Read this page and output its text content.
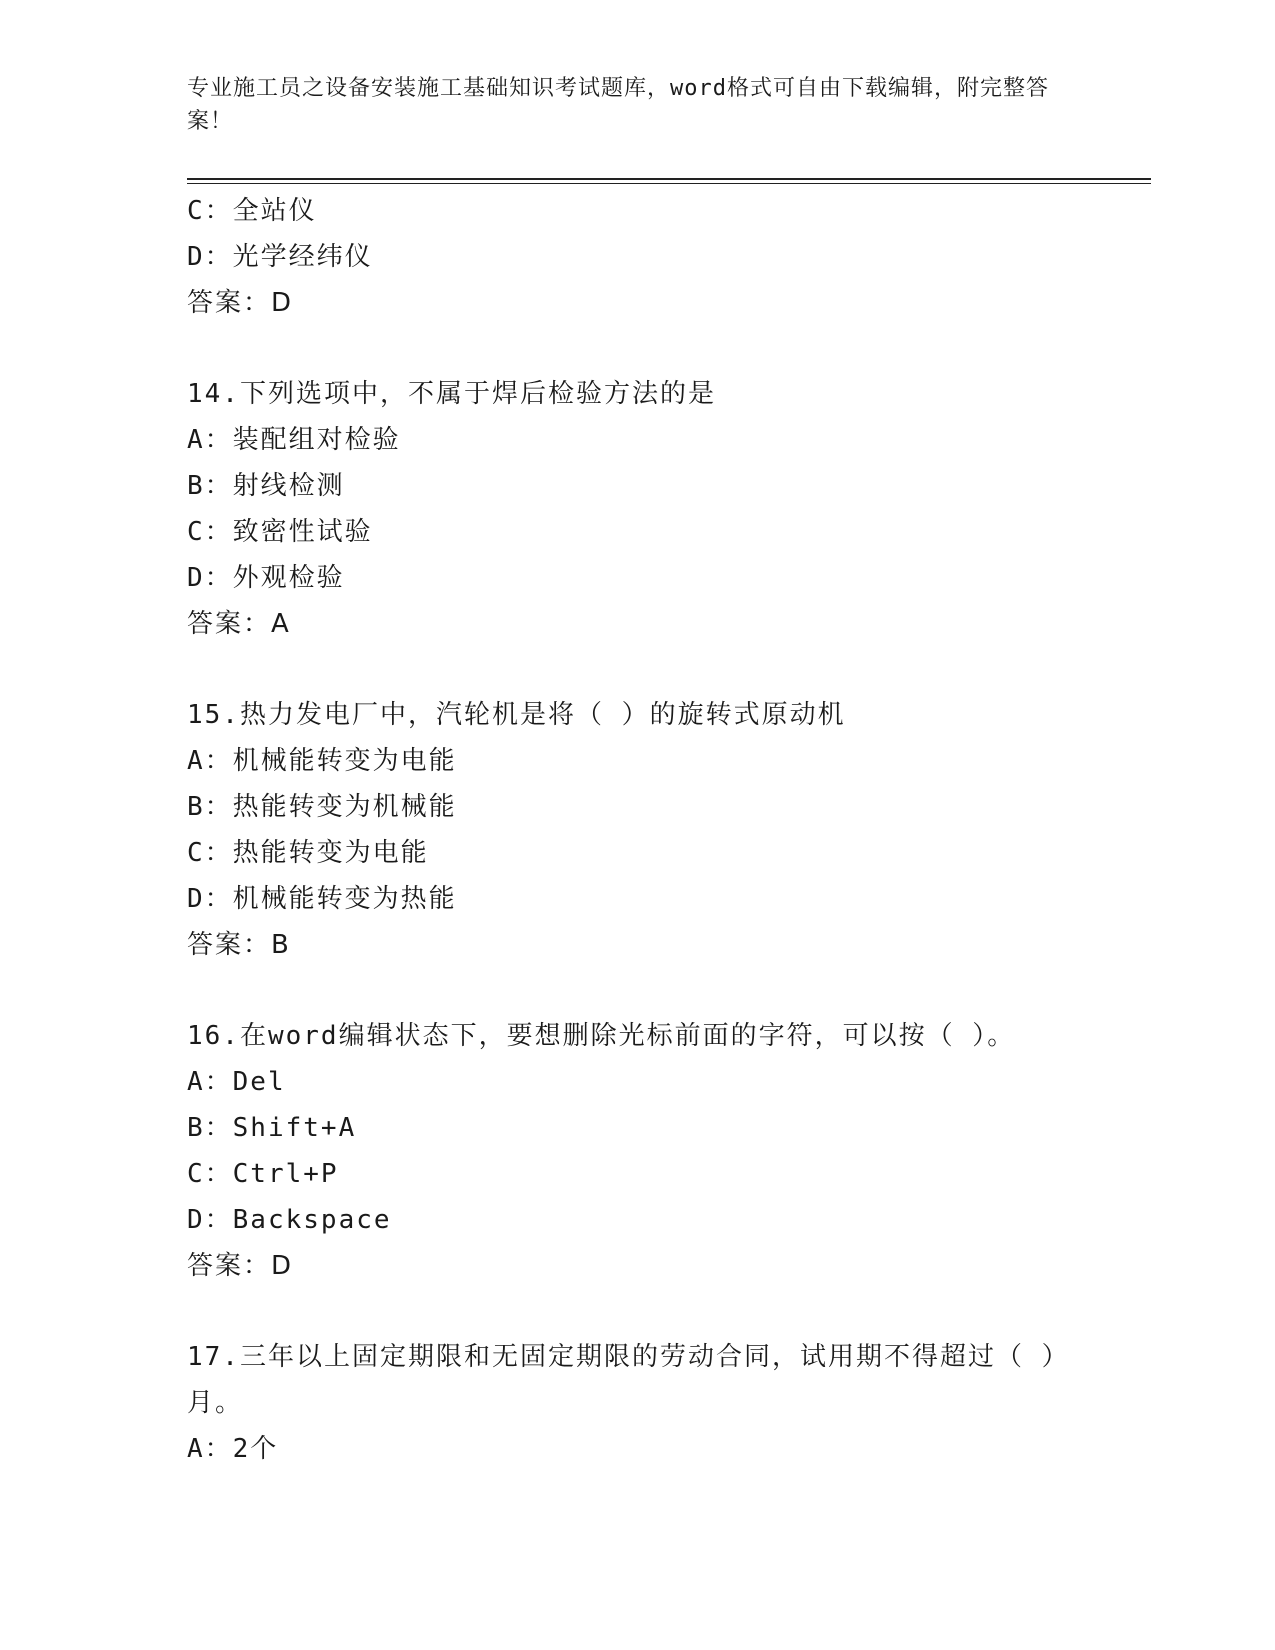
专业施工员之设备安装施工基础知识考试题库，word格式可自由下载编辑，附完整答案！
C：全站仪
D：光学经纬仪
答案：D
14.下列选项中，不属于焊后检验方法的是
A：装配组对检验
B：射线检测
C：致密性试验
D：外观检验
答案：A
15.热力发电厂中，汽轮机是将（ ）的旋转式原动机
A：机械能转变为电能
B：热能转变为机械能
C：热能转变为电能
D：机械能转变为热能
答案：B
16.在word编辑状态下，要想删除光标前面的字符，可以按（ ）。
A：Del
B：Shift+A
C：Ctrl+P
D：Backspace
答案：D
17.三年以上固定期限和无固定期限的劳动合同，试用期不得超过（ ）月。
A：2个
